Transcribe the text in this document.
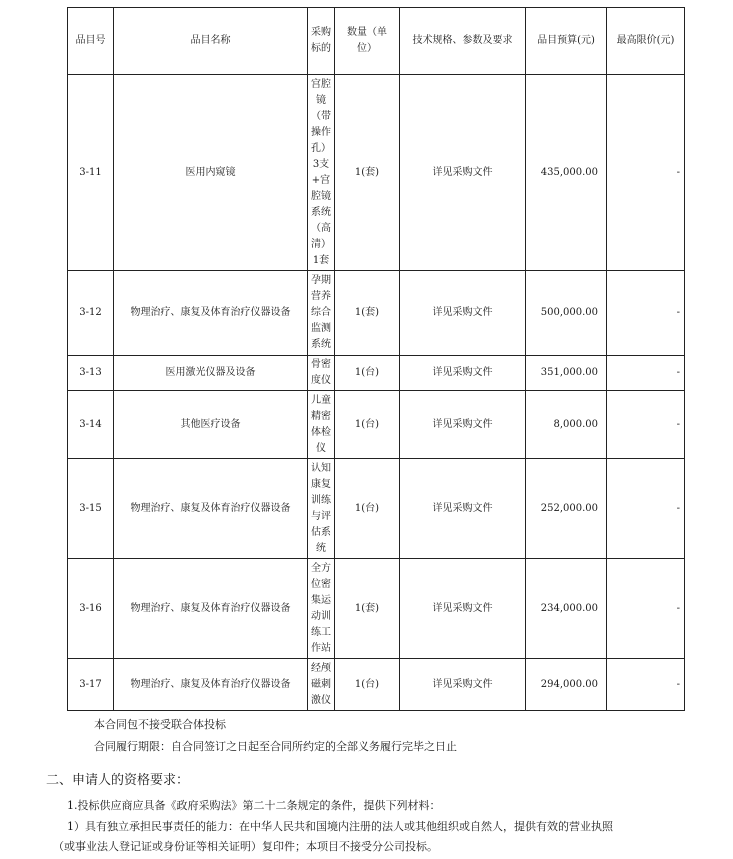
品目号	品目名称	采购标的	数量（单位）	技术规格、参数及要求	品目预算(元)	最高限价(元)
3-11	医用内窥镜	宫腔镜（带操作孔）3支+宫腔镜系统（高清）1套	1(套)	详见采购文件	435,000.00	-
3-12	物理治疗、康复及体育治疗仪器设备	孕期营养综合监测系统	1(套)	详见采购文件	500,000.00	-
3-13	医用激光仪器及设备	骨密度仪	1(台)	详见采购文件	351,000.00	-
3-14	其他医疗设备	儿童精密体检仪	1(台)	详见采购文件	8,000.00	-
3-15	物理治疗、康复及体育治疗仪器设备	认知康复训练与评估系统	1(台)	详见采购文件	252,000.00	-
3-16	物理治疗、康复及体育治疗仪器设备	全方位密集运动训练工作站	1(套)	详见采购文件	234,000.00	-
3-17	物理治疗、康复及体育治疗仪器设备	经颅磁刺激仪	1(台)	详见采购文件	294,000.00	-
本合同包不接受联合体投标
合同履行期限：自合同签订之日起至合同所约定的全部义务履行完毕之日止
二、申请人的资格要求：
1.投标供应商应具备《政府采购法》第二十二条规定的条件，提供下列材料：
1）具有独立承担民事责任的能力：在中华人民共和国境内注册的法人或其他组织或自然人，提供有效的营业执照
（或事业法人登记证或身份证等相关证明）复印件；本项目不接受分公司投标。
